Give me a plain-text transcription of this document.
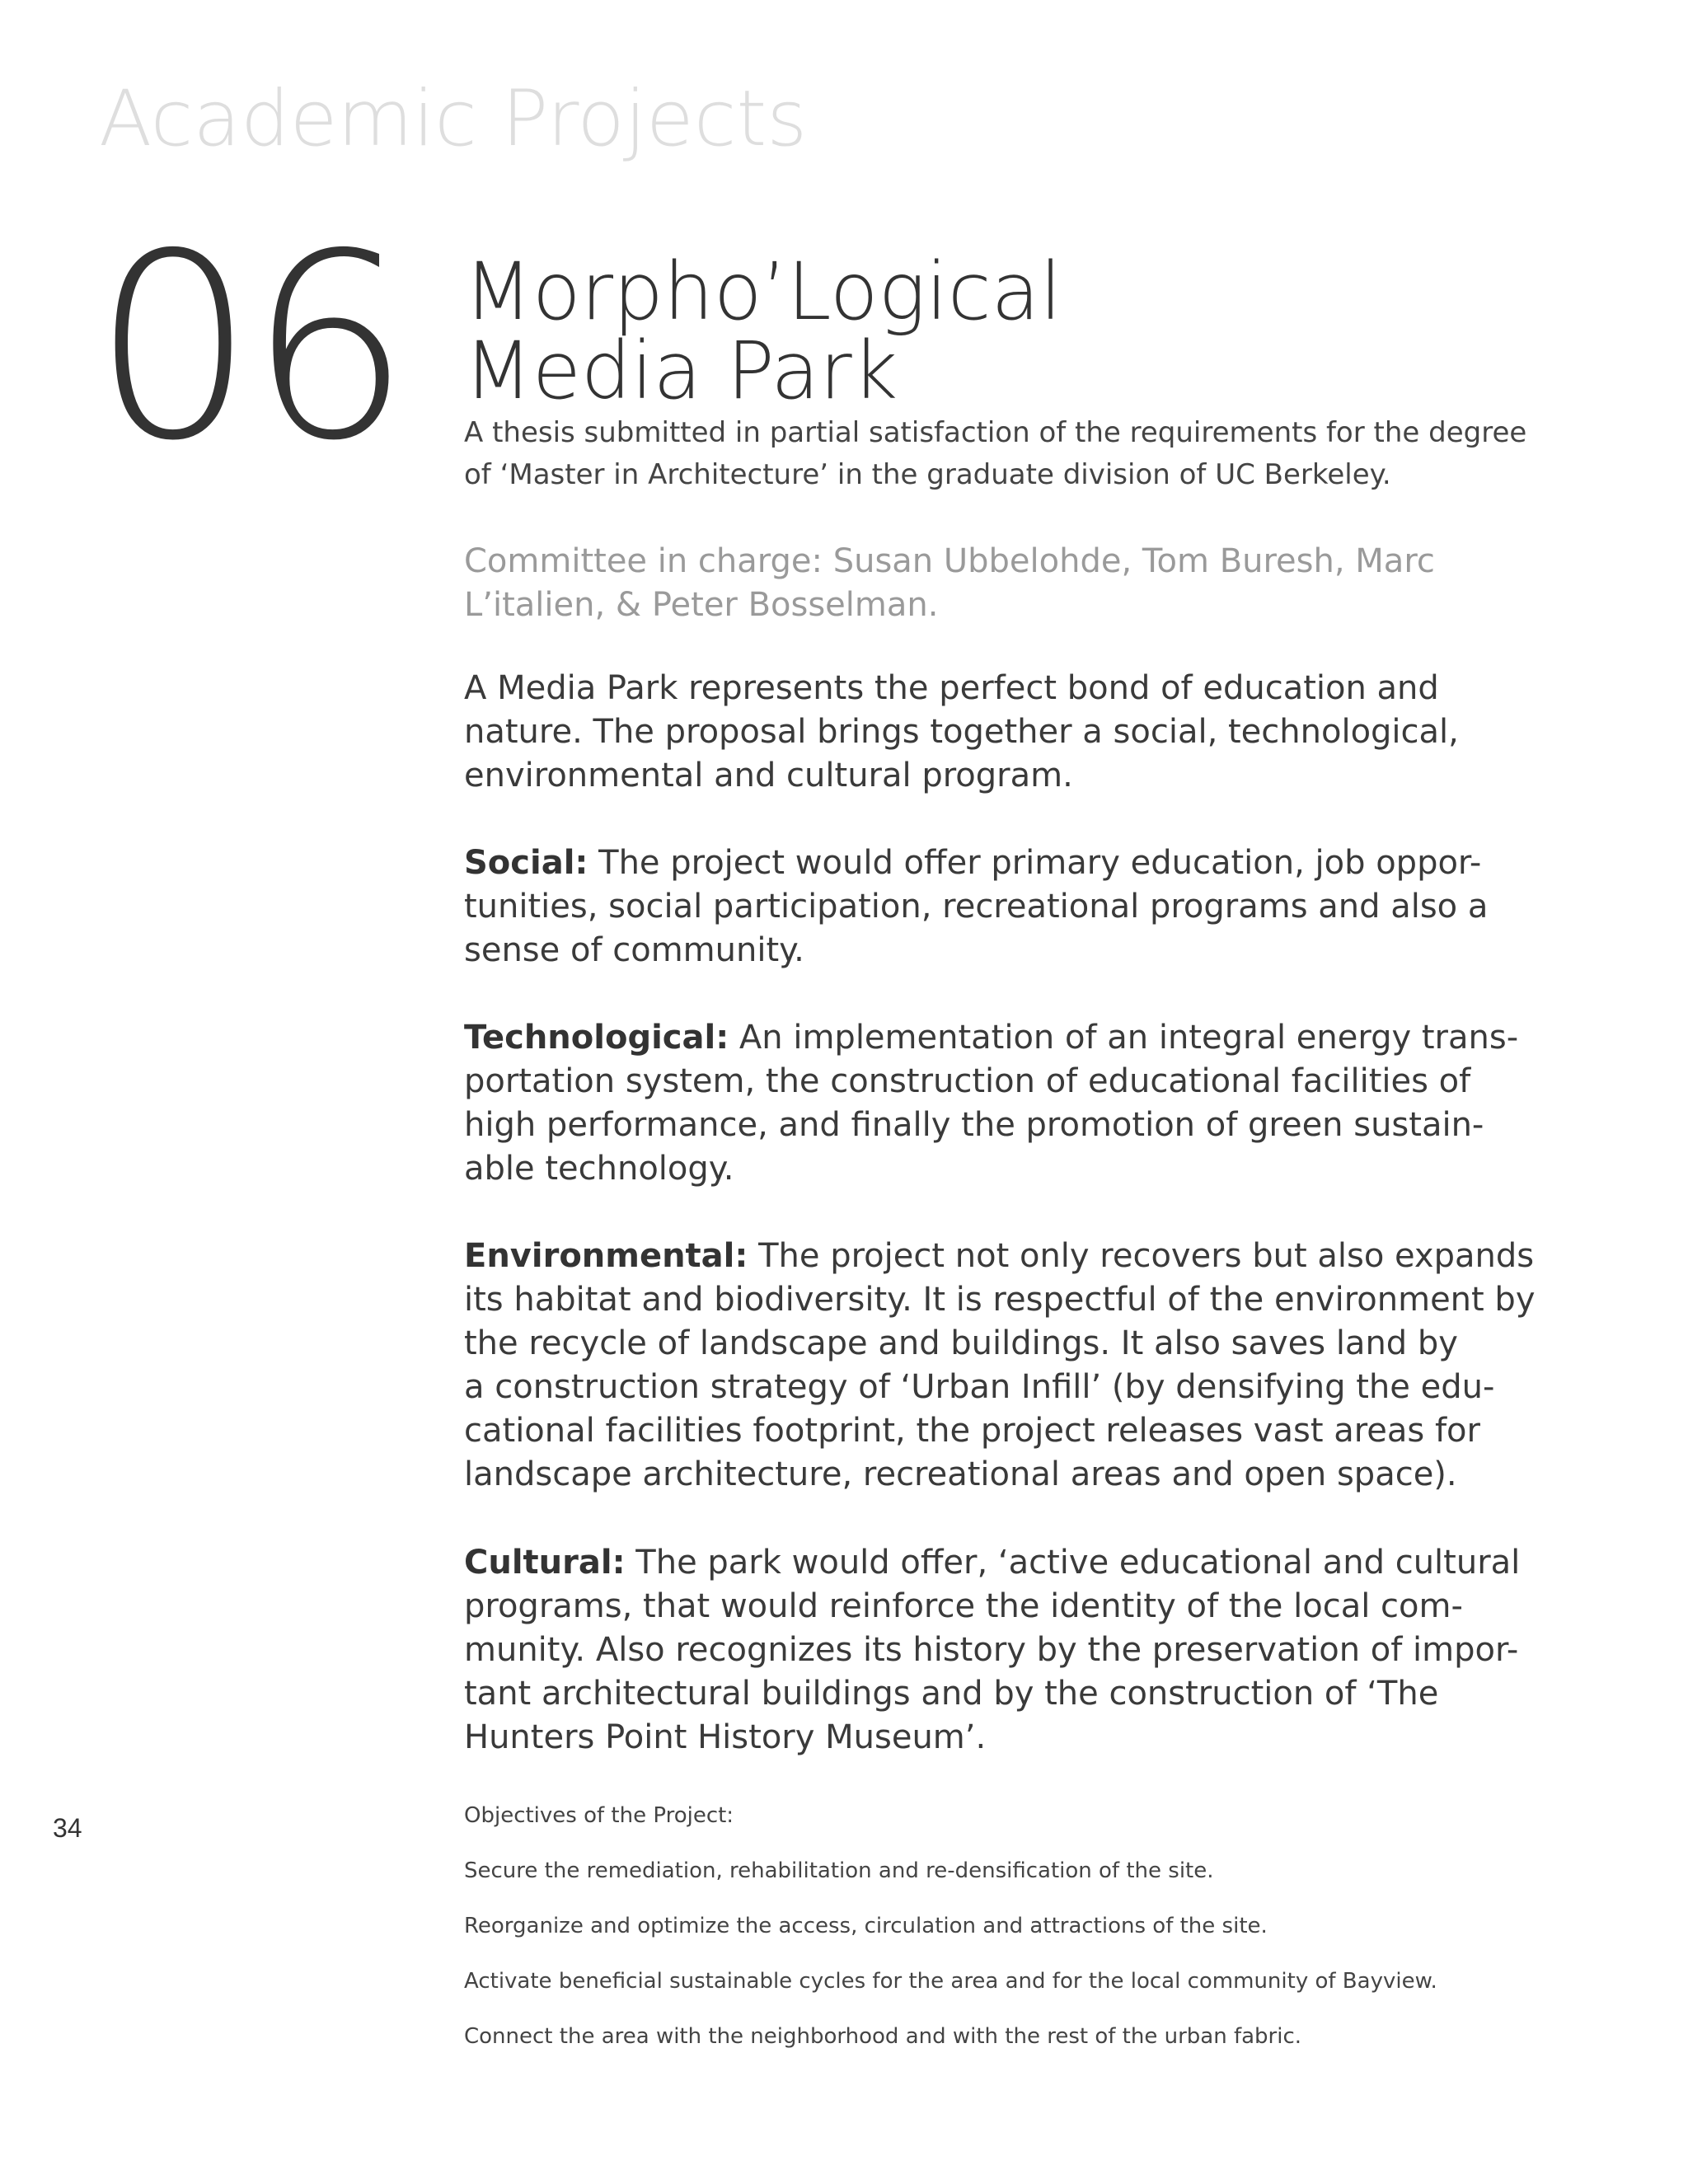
Academic Projects
06 Morpho’Logical
Media Park
A thesis submitted in partial satisfaction of the requirements for the degree
of ‘Master in Architecture’ in the graduate division of UC Berkeley.
Committee in charge: Susan Ubbelohde, Tom Buresh, Marc
L’italien, & Peter Bosselman.
A Media Park represents the perfect bond of education and
nature. The proposal brings together a social, technological,
environmental and cultural program.
Social: The project would offer primary education, job oppor-
tunities, social participation, recreational programs and also a
sense of community.
Technological: An implementation of an integral energy trans-
portation system, the construction of educational facilities of
high performance, and finally the promotion of green sustain-
able technology.
Environmental: The project not only recovers but also expands
its habitat and biodiversity. It is respectful of the environment by
the recycle of landscape and buildings. It also saves land by
a construction strategy of ‘Urban Infill’ (by densifying the edu-
cational facilities footprint, the project releases vast areas for
landscape architecture, recreational areas and open space).
Cultural: The park would offer, ‘active educational and cultural
programs, that would reinforce the identity of the local com-
munity. Also recognizes its history by the preservation of impor-
tant architectural buildings and by the construction of ‘The
Hunters Point History Museum’.
34	Objectives of the Project:
Secure the remediation, rehabilitation and re-densification of the site.
Reorganize and optimize the access, circulation and attractions of the site.
Activate beneficial sustainable cycles for the area and for the local community of Bayview.
Connect the area with the neighborhood and with the rest of the urban fabric.
